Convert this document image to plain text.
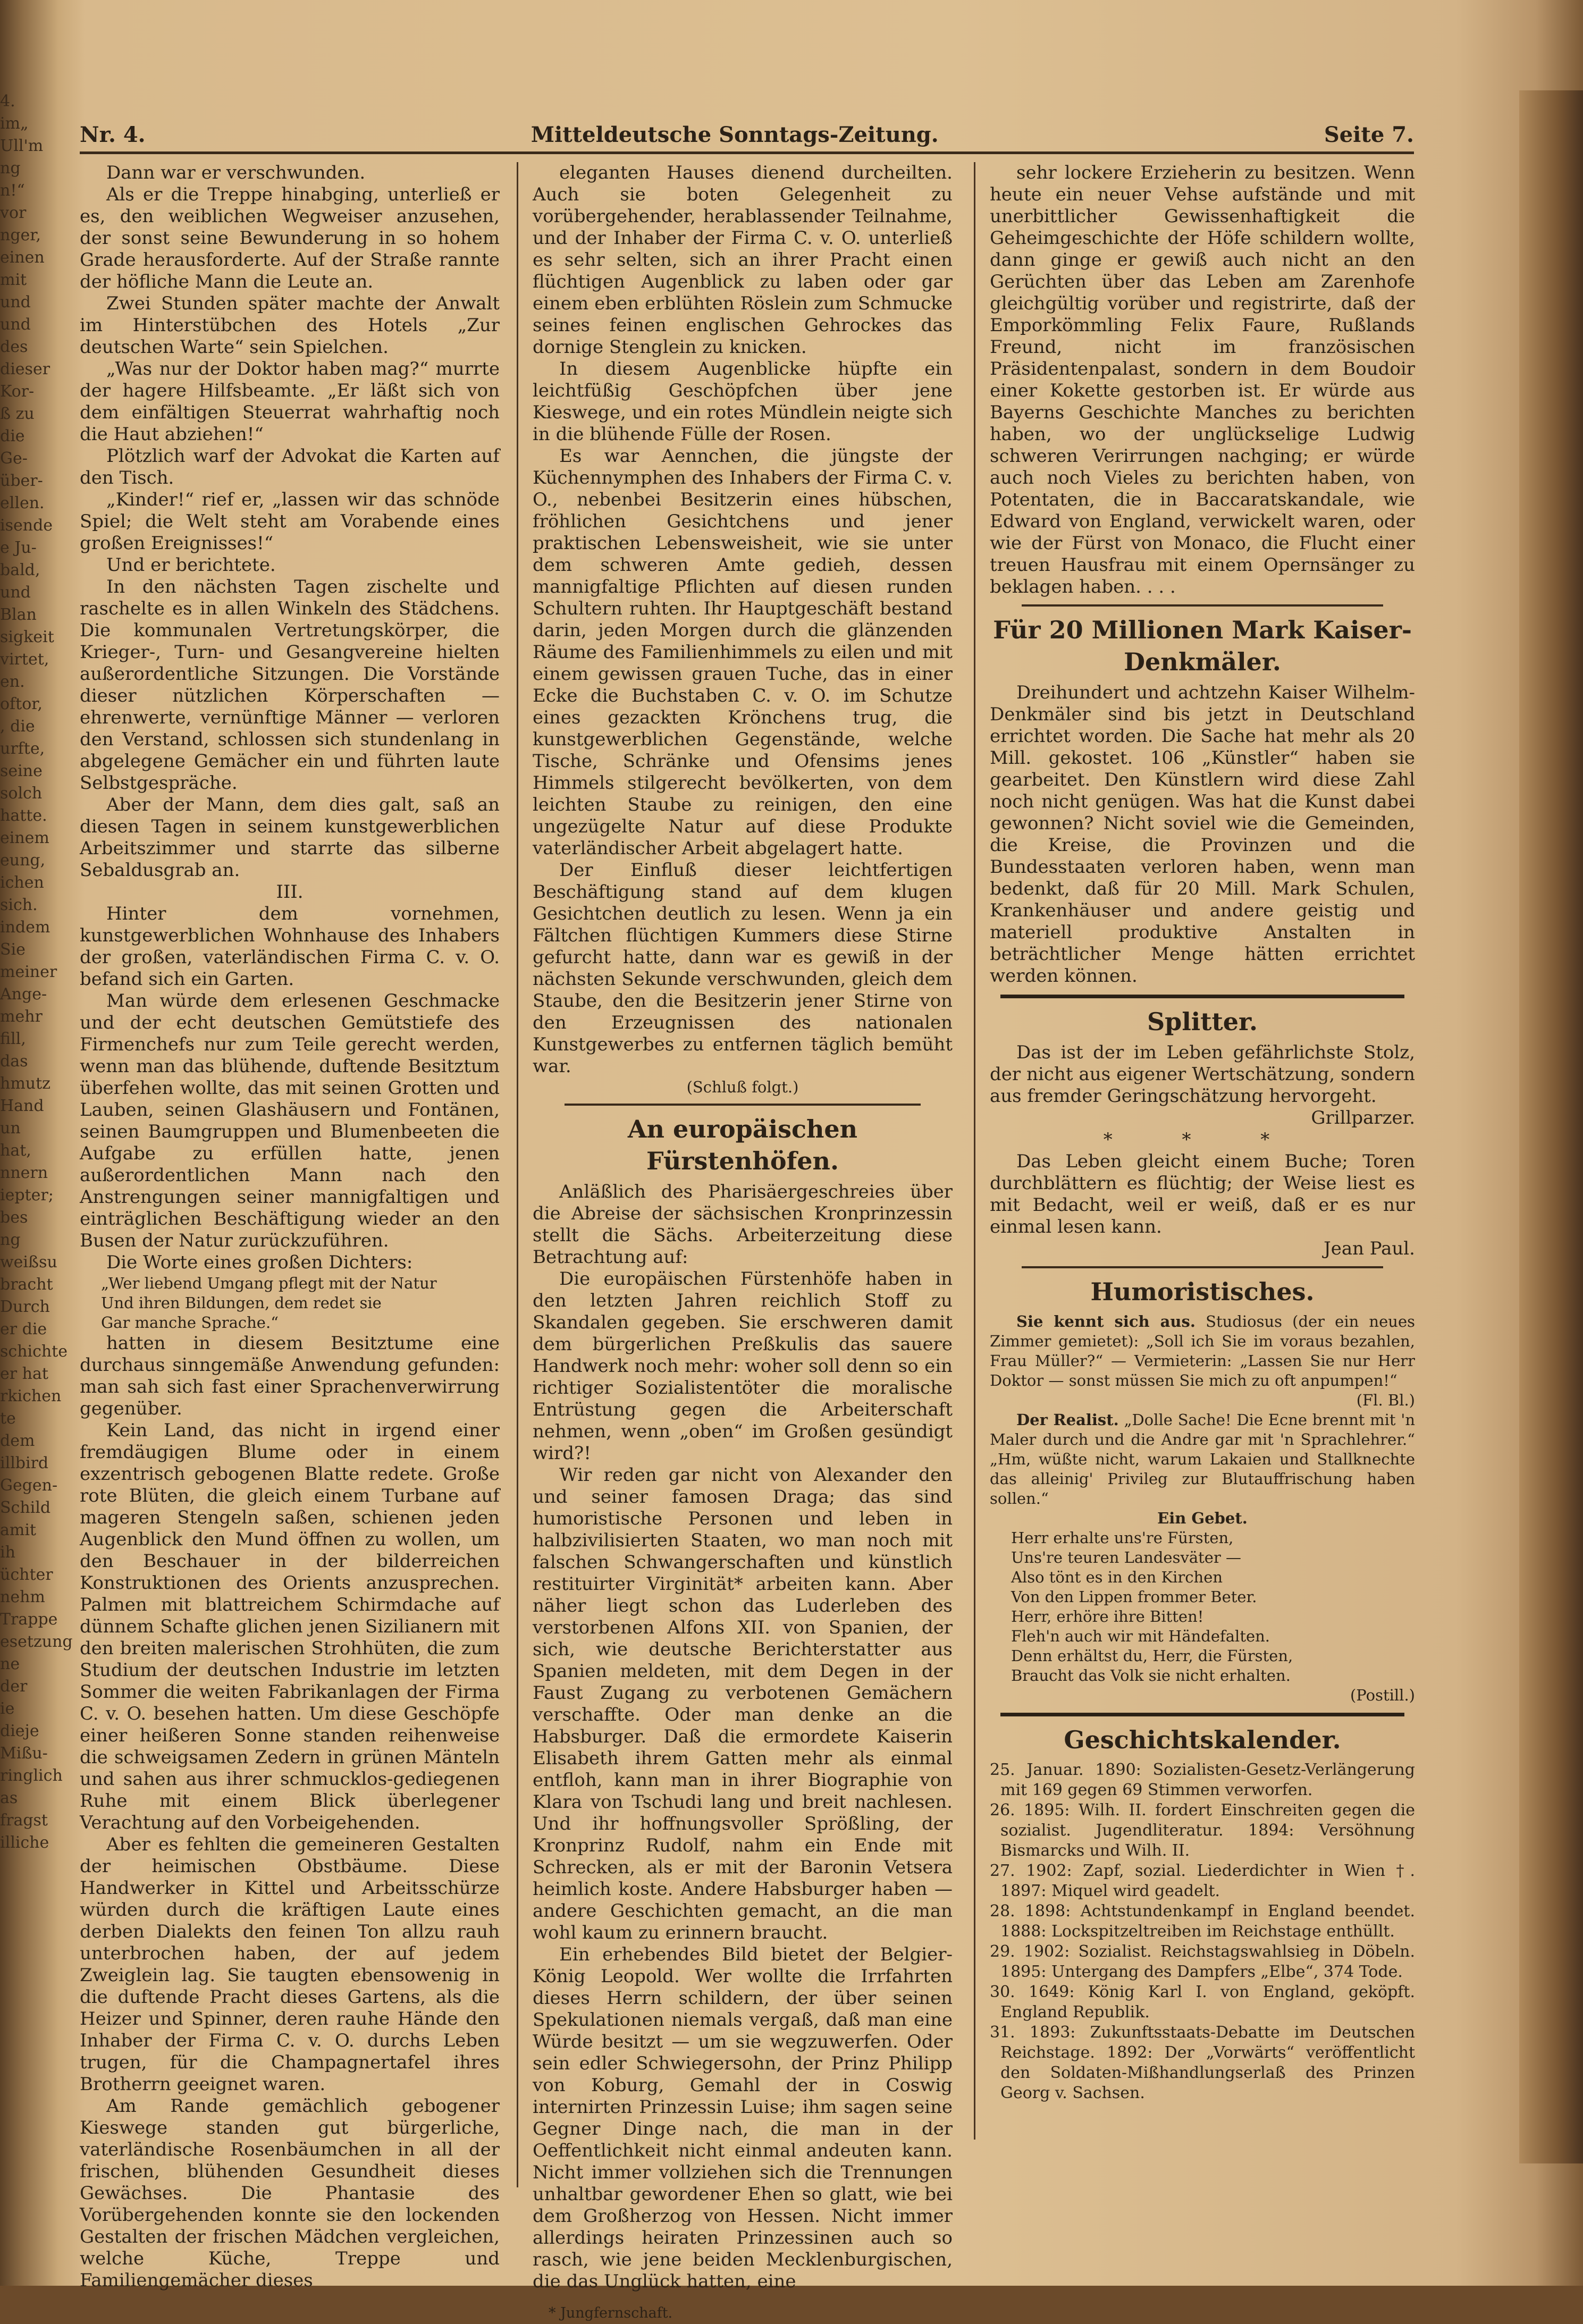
4.
im„
Ull'm
ng
n!“
vor
nger,
einen
mit
und
und
des
dieser
Kor-
ß zu
die
Ge-
über-
ellen.
isende
e Ju-
bald,
und
Blan
sigkeit
virtet,
en.
oftor,
, die
urfte,
seine
solch
hatte.
einem
eung,
ichen
sich.
indem
Sie
meiner
Ange-
mehr
fill,
das
hmutz
Hand
un hat,
nnern
iepter;
bes
ng
weißsu
bracht
Durch
er die
schichte
er hat
rkichen
te dem
illbird
Gegen-
Schild
amit ih
üchter
nehm
Trappe
esetzung
ne der
ie dieje
Mißu-
ringlich
as fragst
illiche
Nr. 4.	Mitteldeutsche Sonntags-Zeitung.	Seite 7.

Dann war er verschwunden.

Als er die Treppe hinabging, unterließ er es, den weiblichen Wegweiser anzusehen, der sonst seine Bewunderung in so hohem Grade herausforderte. Auf der Straße rannte der höfliche Mann die Leute an.

Zwei Stunden später machte der Anwalt im Hinterstübchen des Hotels „Zur deutschen Warte“ sein Spielchen.

„Was nur der Doktor haben mag?“ murrte der hagere Hilfsbeamte. „Er läßt sich von dem einfältigen Steuerrat wahrhaftig noch die Haut abziehen!“

Plötzlich warf der Advokat die Karten auf den Tisch.

„Kinder!“ rief er, „lassen wir das schnöde Spiel; die Welt steht am Vorabende eines großen Ereignisses!“

Und er berichtete.

In den nächsten Tagen zischelte und raschelte es in allen Winkeln des Städchens. Die kommunalen Vertretungskörper, die Krieger-, Turn- und Gesangvereine hielten außerordentliche Sitzungen. Die Vorstände dieser nützlichen Körperschaften — ehrenwerte, vernünftige Männer — verloren den Verstand, schlossen sich stundenlang in abgelegene Gemächer ein und führten laute Selbstgespräche.

Aber der Mann, dem dies galt, saß an diesen Tagen in seinem kunstgewerblichen Arbeitszimmer und starrte das silberne Sebaldusgrab an.

III.

Hinter dem vornehmen, kunstgewerblichen Wohnhause des Inhabers der großen, vaterländischen Firma C. v. O. befand sich ein Garten.

Man würde dem erlesenen Geschmacke und der echt deutschen Gemütstiefe des Firmenchefs nur zum Teile gerecht werden, wenn man das blühende, duftende Besitztum überfehen wollte, das mit seinen Grotten und Lauben, seinen Glashäusern und Fontänen, seinen Baumgruppen und Blumenbeeten die Aufgabe zu erfüllen hatte, jenen außerordentlichen Mann nach den Anstrengungen seiner mannigfaltigen und einträglichen Beschäftigung wieder an den Busen der Natur zurückzuführen.

Die Worte eines großen Dichters:

„Wer liebend Umgang pflegt mit der Natur

Und ihren Bildungen, dem redet sie

Gar manche Sprache.“

hatten in diesem Besitztume eine durchaus sinngemäße Anwendung gefunden: man sah sich fast einer Sprachenverwirrung gegenüber.

Kein Land, das nicht in irgend einer fremdäugigen Blume oder in einem exzentrisch gebogenen Blatte redete. Große rote Blüten, die gleich einem Turbane auf mageren Stengeln saßen, schienen jeden Augenblick den Mund öffnen zu wollen, um den Beschauer in der bilderreichen Konstruktionen des Orients anzusprechen. Palmen mit blattreichem Schirmdache auf dünnem Schafte glichen jenen Sizilianern mit den breiten malerischen Strohhüten, die zum Studium der deutschen Industrie im letzten Sommer die weiten Fabrikanlagen der Firma C. v. O. besehen hatten. Um diese Geschöpfe einer heißeren Sonne standen reihenweise die schweigsamen Zedern in grünen Mänteln und sahen aus ihrer schmucklos-gediegenen Ruhe mit einem Blick überlegener Verachtung auf den Vorbeigehenden.

Aber es fehlten die gemeineren Gestalten der heimischen Obstbäume. Diese Handwerker in Kittel und Arbeitsschürze würden durch die kräftigen Laute eines derben Dialekts den feinen Ton allzu rauh unterbrochen haben, der auf jedem Zweiglein lag. Sie taugten ebensowenig in die duftende Pracht dieses Gartens, als die Heizer und Spinner, deren rauhe Hände den Inhaber der Firma C. v. O. durchs Leben trugen, für die Champagnertafel ihres Brotherrn geeignet waren.

Am Rande gemächlich gebogener Kieswege standen gut bürgerliche, vaterländische Rosenbäumchen in all der frischen, blühenden Gesundheit dieses Gewächses. Die Phantasie des Vorübergehenden konnte sie den lockenden Gestalten der frischen Mädchen vergleichen, welche Küche, Treppe und Familiengemächer dieses

eleganten Hauses dienend durcheilten. Auch sie boten Gelegenheit zu vorübergehender, herablassender Teilnahme, und der Inhaber der Firma C. v. O. unterließ es sehr selten, sich an ihrer Pracht einen flüchtigen Augenblick zu laben oder gar einem eben erblühten Röslein zum Schmucke seines feinen englischen Gehrockes das dornige Stenglein zu knicken.

In diesem Augenblicke hüpfte ein leichtfüßig Geschöpfchen über jene Kieswege, und ein rotes Mündlein neigte sich in die blühende Fülle der Rosen.

Es war Aennchen, die jüngste der Küchennymphen des Inhabers der Firma C. v. O., nebenbei Besitzerin eines hübschen, fröhlichen Gesichtchens und jener praktischen Lebensweisheit, wie sie unter dem schweren Amte gedieh, dessen mannigfaltige Pflichten auf diesen runden Schultern ruhten. Ihr Hauptgeschäft bestand darin, jeden Morgen durch die glänzenden Räume des Familienhimmels zu eilen und mit einem gewissen grauen Tuche, das in einer Ecke die Buchstaben C. v. O. im Schutze eines gezackten Krönchens trug, die kunstgewerblichen Gegenstände, welche Tische, Schränke und Ofensims jenes Himmels stilgerecht bevölkerten, von dem leichten Staube zu reinigen, den eine ungezügelte Natur auf diese Produkte vaterländischer Arbeit abgelagert hatte.

Der Einfluß dieser leichtfertigen Beschäftigung stand auf dem klugen Gesichtchen deutlich zu lesen. Wenn ja ein Fältchen flüchtigen Kummers diese Stirne gefurcht hatte, dann war es gewiß in der nächsten Sekunde verschwunden, gleich dem Staube, den die Besitzerin jener Stirne von den Erzeugnissen des nationalen Kunstgewerbes zu entfernen täglich bemüht war.

(Schluß folgt.)

An europäischen Fürstenhöfen.

Anläßlich des Pharisäergeschreies über die Abreise der sächsischen Kronprinzessin stellt die Sächs. Arbeiterzeitung diese Betrachtung auf:

Die europäischen Fürstenhöfe haben in den letzten Jahren reichlich Stoff zu Skandalen gegeben. Sie erschweren damit dem bürgerlichen Preßkulis das sauere Handwerk noch mehr: woher soll denn so ein richtiger Sozialistentöter die moralische Entrüstung gegen die Arbeiterschaft nehmen, wenn „oben“ im Großen gesündigt wird?!

Wir reden gar nicht von Alexander den und seiner famosen Draga; das sind humoristische Personen und leben in halbzivilisierten Staaten, wo man noch mit falschen Schwangerschaften und künstlich restituirter Virginität* arbeiten kann. Aber näher liegt schon das Luderleben des verstorbenen Alfons XII. von Spanien, der sich, wie deutsche Berichterstatter aus Spanien meldeten, mit dem Degen in der Faust Zugang zu verbotenen Gemächern verschaffte. Oder man denke an die Habsburger. Daß die ermordete Kaiserin Elisabeth ihrem Gatten mehr als einmal entfloh, kann man in ihrer Biographie von Klara von Tschudi lang und breit nachlesen. Und ihr hoffnungsvoller Sprößling, der Kronprinz Rudolf, nahm ein Ende mit Schrecken, als er mit der Baronin Vetsera heimlich koste. Andere Habsburger haben — andere Geschichten gemacht, an die man wohl kaum zu erinnern braucht.

Ein erhebendes Bild bietet der Belgier-König Leopold. Wer wollte die Irrfahrten dieses Herrn schildern, der über seinen Spekulationen niemals vergaß, daß man eine Würde besitzt — um sie wegzuwerfen. Oder sein edler Schwiegersohn, der Prinz Philipp von Koburg, Gemahl der in Coswig internirten Prinzessin Luise; ihm sagen seine Gegner Dinge nach, die man in der Oeffentlichkeit nicht einmal andeuten kann. Nicht immer vollziehen sich die Trennungen unhaltbar gewordener Ehen so glatt, wie bei dem Großherzog von Hessen. Nicht immer allerdings heiraten Prinzessinen auch so rasch, wie jene beiden Mecklenburgischen, die das Unglück hatten, eine

* Jungfernschaft.

sehr lockere Erzieherin zu besitzen. Wenn heute ein neuer Vehse aufstände und mit unerbittlicher Gewissenhaftigkeit die Geheimgeschichte der Höfe schildern wollte, dann ginge er gewiß auch nicht an den Gerüchten über das Leben am Zarenhofe gleichgültig vorüber und registrirte, daß der Emporkömmling Felix Faure, Rußlands Freund, nicht im französischen Präsidentenpalast, sondern in dem Boudoir einer Kokette gestorben ist. Er würde aus Bayerns Geschichte Manches zu berichten haben, wo der unglückselige Ludwig schweren Verirrungen nachging; er würde auch noch Vieles zu berichten haben, von Potentaten, die in Baccaratskandale, wie Edward von England, verwickelt waren, oder wie der Fürst von Monaco, die Flucht einer treuen Hausfrau mit einem Opernsänger zu beklagen haben. . . .

Für 20 Millionen Mark Kaiser-Denkmäler.

Dreihundert und achtzehn Kaiser Wilhelm-Denkmäler sind bis jetzt in Deutschland errichtet worden. Die Sache hat mehr als 20 Mill. gekostet. 106 „Künstler“ haben sie gearbeitet. Den Künstlern wird diese Zahl noch nicht genügen. Was hat die Kunst dabei gewonnen? Nicht soviel wie die Gemeinden, die Kreise, die Provinzen und die Bundesstaaten verloren haben, wenn man bedenkt, daß für 20 Mill. Mark Schulen, Krankenhäuser und andere geistig und materiell produktive Anstalten in beträchtlicher Menge hätten errichtet werden können.

Splitter.

Das ist der im Leben gefährlichste Stolz, der nicht aus eigener Wertschätzung, sondern aus fremder Geringschätzung hervorgeht.

Grillparzer.

* * *

Das Leben gleicht einem Buche; Toren durchblättern es flüchtig; der Weise liest es mit Bedacht, weil er weiß, daß er es nur einmal lesen kann.

Jean Paul.

Humoristisches.

Sie kennt sich aus. Studiosus (der ein neues Zimmer gemietet): „Soll ich Sie im voraus bezahlen, Frau Müller?“ — Vermieterin: „Lassen Sie nur Herr Doktor — sonst müssen Sie mich zu oft anpumpen!“

(Fl. Bl.)

Der Realist. „Dolle Sache! Die Ecne brennt mit 'n Maler durch und die Andre gar mit 'n Sprachlehrer.“ „Hm, wüßte nicht, warum Lakaien und Stallknechte das alleinig' Privileg zur Blutauffrischung haben sollen.“

Ein Gebet.

Herr erhalte uns're Fürsten,

Uns're teuren Landesväter —

Also tönt es in den Kirchen

Von den Lippen frommer Beter.

Herr, erhöre ihre Bitten!

Fleh'n auch wir mit Händefalten.

Denn erhältst du, Herr, die Fürsten,

Braucht das Volk sie nicht erhalten.

(Postill.)

Geschichtskalender.

25. Januar. 1890: Sozialisten-Gesetz-Verlängerung mit 169 gegen 69 Stimmen verworfen.

26. 1895: Wilh. II. fordert Einschreiten gegen die sozialist. Jugendliteratur. 1894: Versöhnung Bismarcks und Wilh. II.

27. 1902: Zapf, sozial. Liederdichter in Wien †. 1897: Miquel wird geadelt.

28. 1898: Achtstundenkampf in England beendet. 1888: Lockspitzeltreiben im Reichstage enthüllt.

29. 1902: Sozialist. Reichstagswahlsieg in Döbeln. 1895: Untergang des Dampfers „Elbe“, 374 Tode.

30. 1649: König Karl I. von England, geköpft. England Republik.

31. 1893: Zukunftsstaats-Debatte im Deutschen Reichstage. 1892: Der „Vorwärts“ veröffentlicht den Soldaten-Mißhandlungserlaß des Prinzen Georg v. Sachsen.
